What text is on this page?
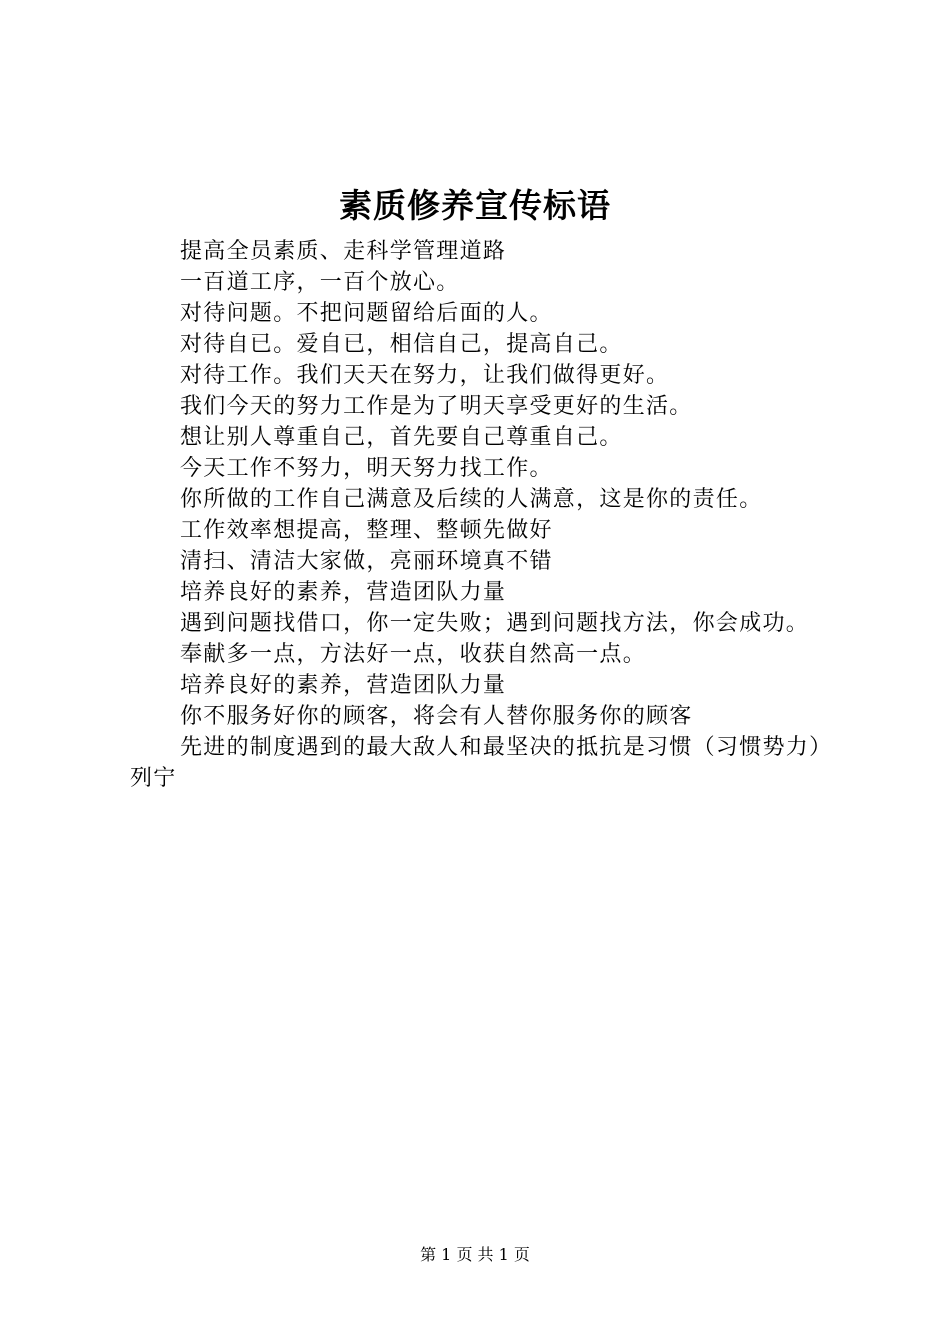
素质修养宣传标语

提高全员素质、走科学管理道路

一百道工序，一百个放心。

对待问题。不把问题留给后面的人。

对待自已。爱自已，相信自己，提高自己。

对待工作。我们天天在努力，让我们做得更好。

我们今天的努力工作是为了明天享受更好的生活。

想让别人尊重自己，首先要自己尊重自己。

今天工作不努力，明天努力找工作。

你所做的工作自己满意及后续的人满意，这是你的责任。

工作效率想提高，整理、整顿先做好

清扫、清洁大家做，亮丽环境真不错

培养良好的素养，营造团队力量

遇到问题找借口，你一定失败；遇到问题找方法，你会成功。

奉献多一点，方法好一点，收获自然高一点。

培养良好的素养，营造团队力量

你不服务好你的顾客，将会有人替你服务你的顾客

先进的制度遇到的最大敌人和最坚决的抵抗是习惯（习惯势力）列宁

第 1 页 共 1 页
